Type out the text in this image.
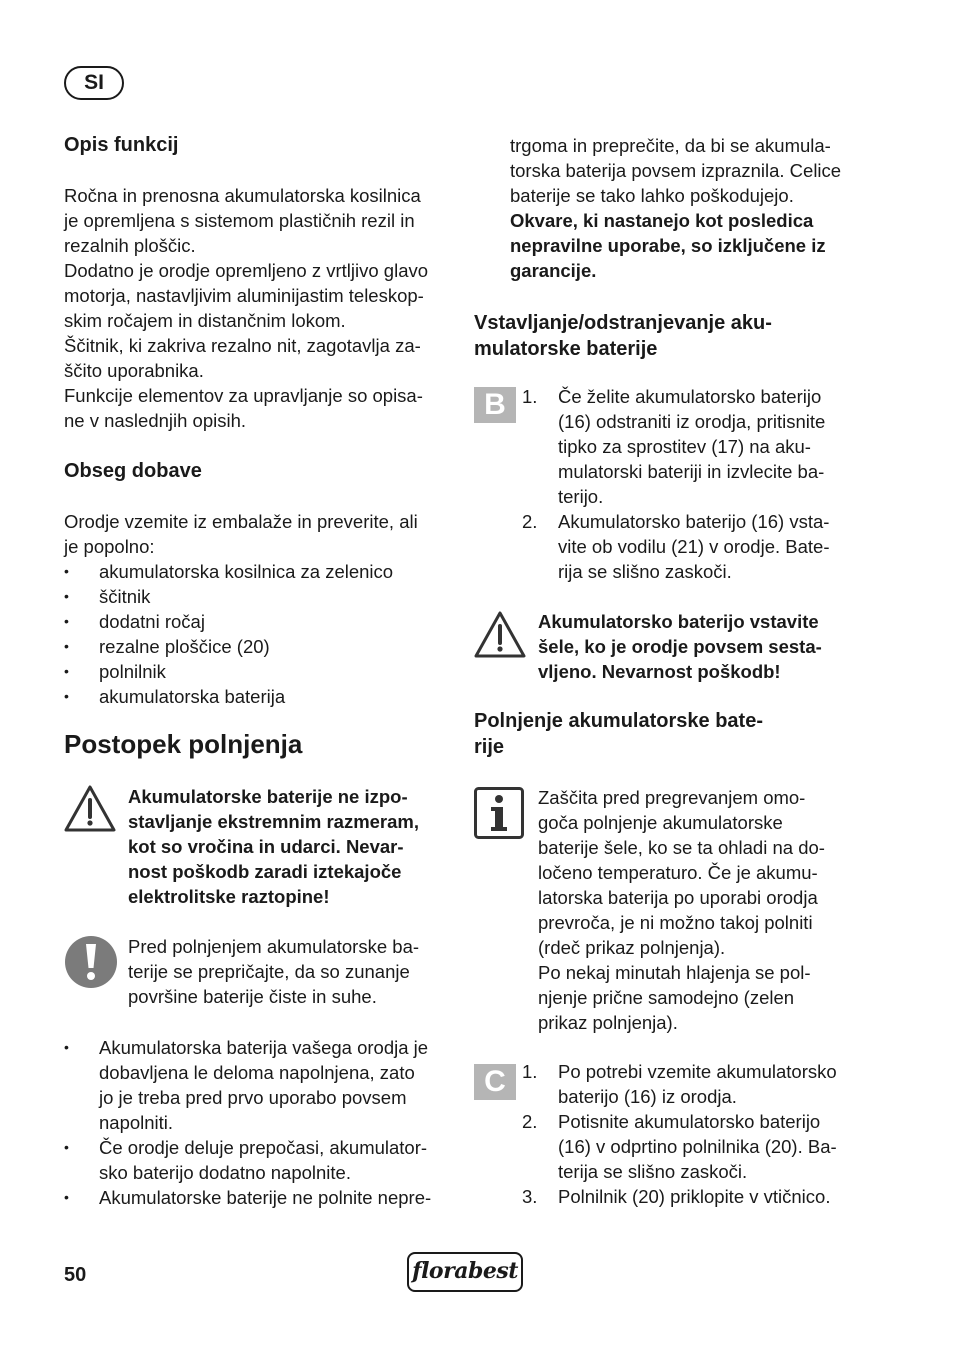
SI
Opis funkcij
Ročna in prenosna akumulatorska kosilnica
je opremljena s sistemom plastičnih rezil in
rezalnih ploščic.
Dodatno je orodje opremljeno z vrtljivo glavo
motorja, nastavljivim aluminijastim teleskop-
skim ročajem in distančnim lokom.
Ščitnik, ki zakriva rezalno nit, zagotavlja za-
ščito uporabnika.
Funkcije elementov za upravljanje so opisa-
ne v naslednjih opisih.
Obseg dobave
Orodje vzemite iz embalaže in preverite, ali
je popolno:
• akumulatorska kosilnica za zelenico
• ščitnik
• dodatni ročaj
• rezalne ploščice (20)
• polnilnik
• akumulatorska baterija
Postopek polnjenja
Akumulatorske baterije ne izpo-
stavljanje ekstremnim razmeram,
kot so vročina in udarci. Nevar-
nost poškodb zaradi iztekajoče
elektrolitske raztopine!
Pred polnjenjem akumulatorske ba-
terije se prepričajte, da so zunanje
površine baterije čiste in suhe.
• Akumulatorska baterija vašega orodja je
dobavljena le deloma napolnjena, zato
jo je treba pred prvo uporabo povsem
napolniti.
• Če orodje deluje prepočasi, akumulator-
sko baterijo dodatno napolnite.
• Akumulatorske baterije ne polnite nepre-
trgoma in preprečite, da bi se akumula-
torska baterija povsem izpraznila. Celice
baterije se tako lahko poškodujejo.
Okvare, ki nastanejo kot posledica
nepravilne uporabe, so izključene iz
garancije.
Vstavljanje/odstranjevanje aku-
mulatorske baterije
B 1. Če želite akumulatorsko baterijo
(16) odstraniti iz orodja, pritisnite
tipko za sprostitev (17) na aku-
mulatorski bateriji in izvlecite ba-
terijo.
2. Akumulatorsko baterijo (16) vsta-
vite ob vodilu (21) v orodje. Bate-
rija se slišno zaskoči.
Akumulatorsko baterijo vstavite
šele, ko je orodje povsem sesta-
vljeno. Nevarnost poškodb!
Polnjenje akumulatorske bate-
rije
Zaščita pred pregrevanjem omo-
goča polnjenje akumulatorske
baterije šele, ko se ta ohladi na do-
ločeno temperaturo. Če je akumu-
latorska baterija po uporabi orodja
prevroča, je ni možno takoj polniti
(rdeč prikaz polnjenja).
Po nekaj minutah hlajenja se pol-
njenje prične samodejno (zelen
prikaz polnjenja).
C 1. Po potrebi vzemite akumulatorsko
baterijo (16) iz orodja.
2. Potisnite akumulatorsko baterijo
(16) v odprtino polnilnika (20). Ba-
terija se slišno zaskoči.
3. Polnilnik (20) priklopite v vtičnico.
50	florabest
